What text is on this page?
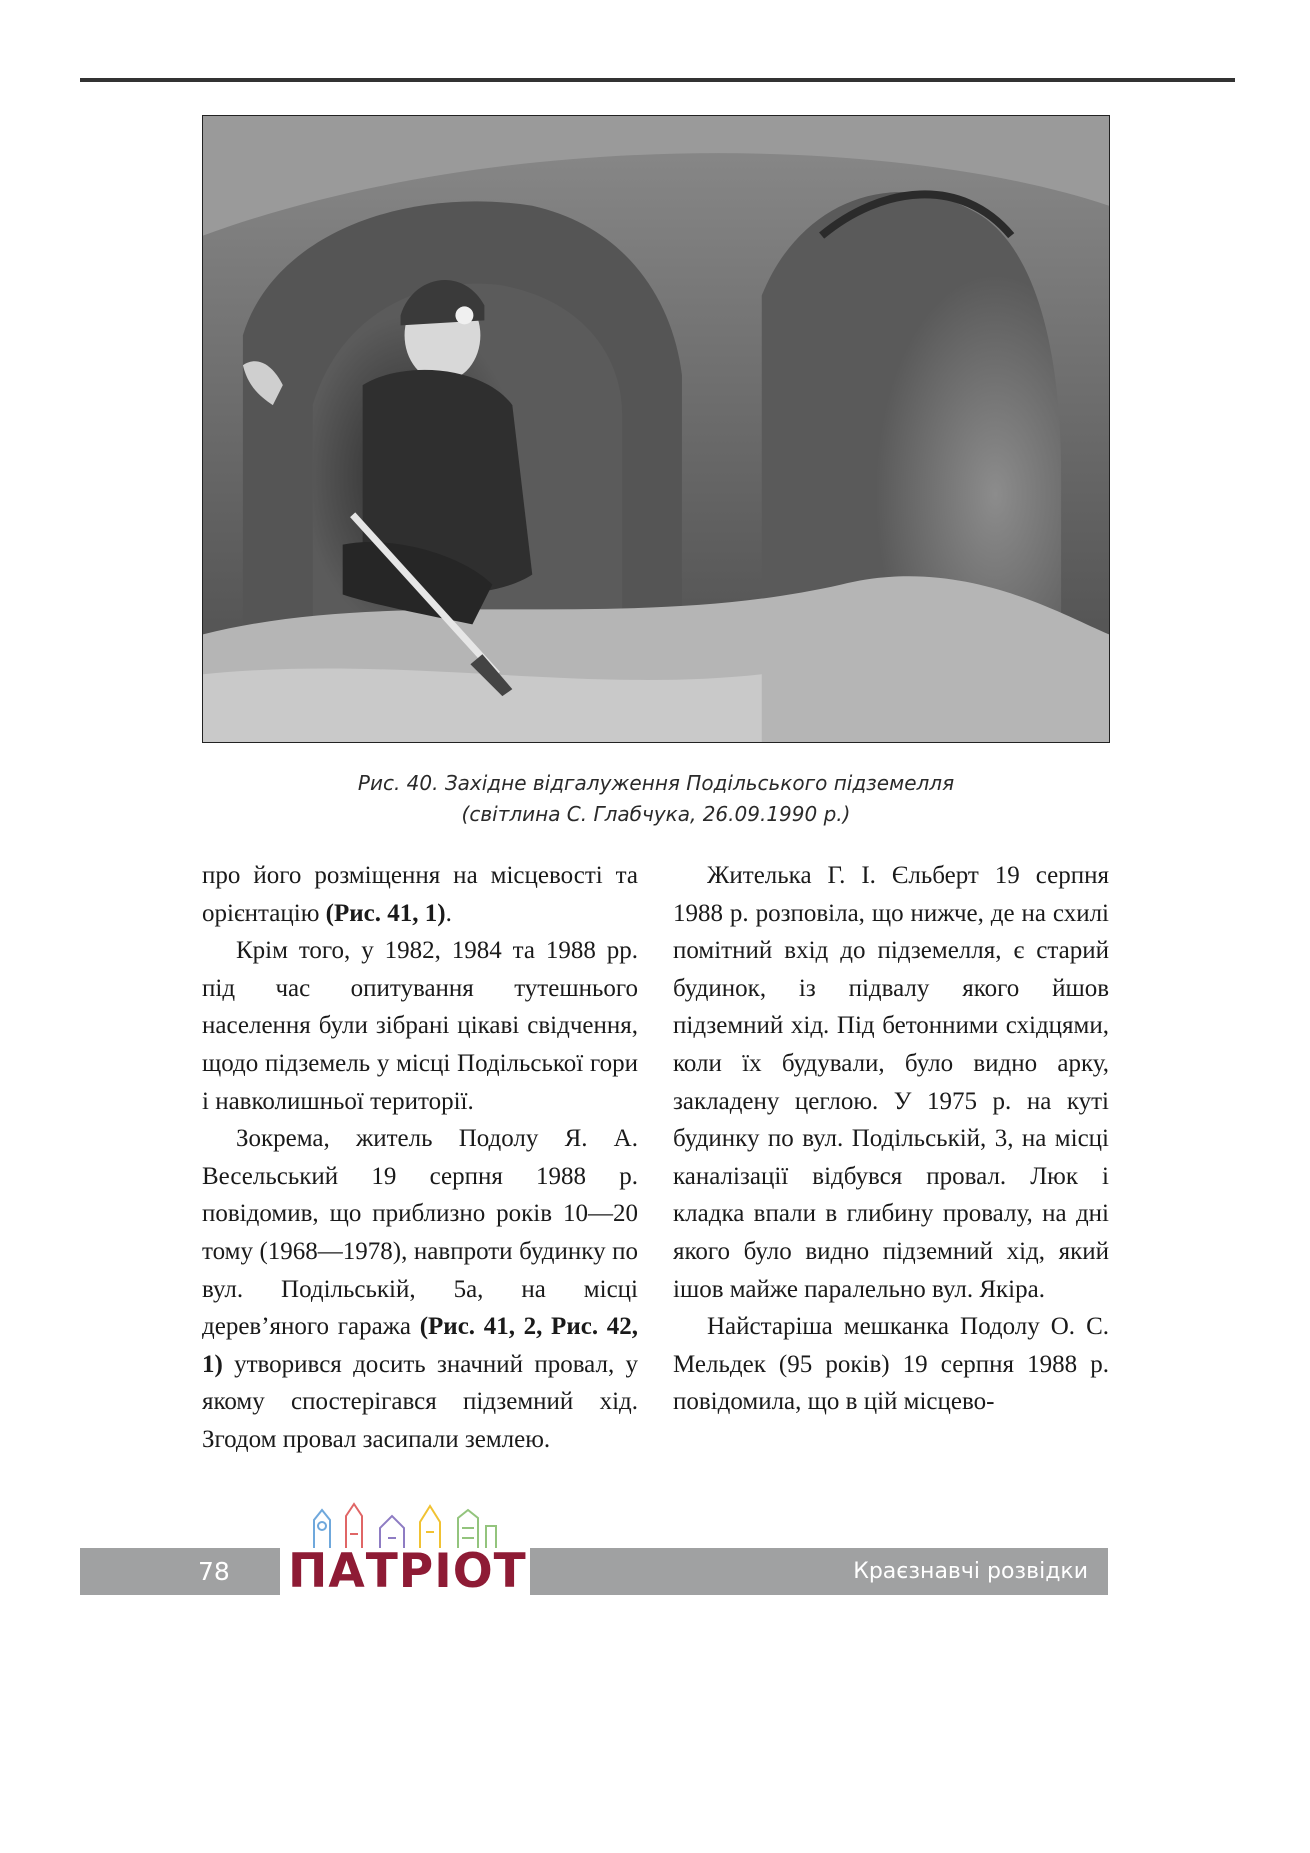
Рис. 40. Західне відгалуження Подільського підземелля
(світлина С. Глабчука, 26.09.1990 р.)

про його розміщення на місцевості та орієнтацію (Рис. 41, 1).

Крім того, у 1982, 1984 та 1988 рр. під час опитування тутешнього населення були зібрані цікаві свідчення, щодо підземель у місці Подільської гори і навколишньої території.

Зокрема, житель Подолу Я. А. Весельський 19 серпня 1988 р. повідомив, що приблизно років 10—20 тому (1968—1978), навпроти будинку по вул. Подільській, 5а, на місці дерев’яного гаража (Рис. 41, 2, Рис. 42, 1) утворився досить значний провал, у якому спостерігався підземний хід. Згодом провал засипали землею.

Жителька Г. І. Єльберт 19 серпня 1988 р. розповіла, що нижче, де на схилі помітний вхід до підземелля, є старий будинок, із підвалу якого йшов підземний хід. Під бетонними східцями, коли їх будували, було видно арку, закладену цеглою. У 1975 р. на куті будинку по вул. Подільській, 3, на місці каналізації відбувся провал. Люк і кладка впали в глибину провалу, на дні якого було видно підземний хід, який ішов майже паралельно вул. Якіра.

Найстаріша мешканка Подолу О. С. Мельдек (95 років) 19 серпня 1988 р. повідомила, що в цій місцево-

78	Краєзнавчі розвідки
ПАТРІОТ
